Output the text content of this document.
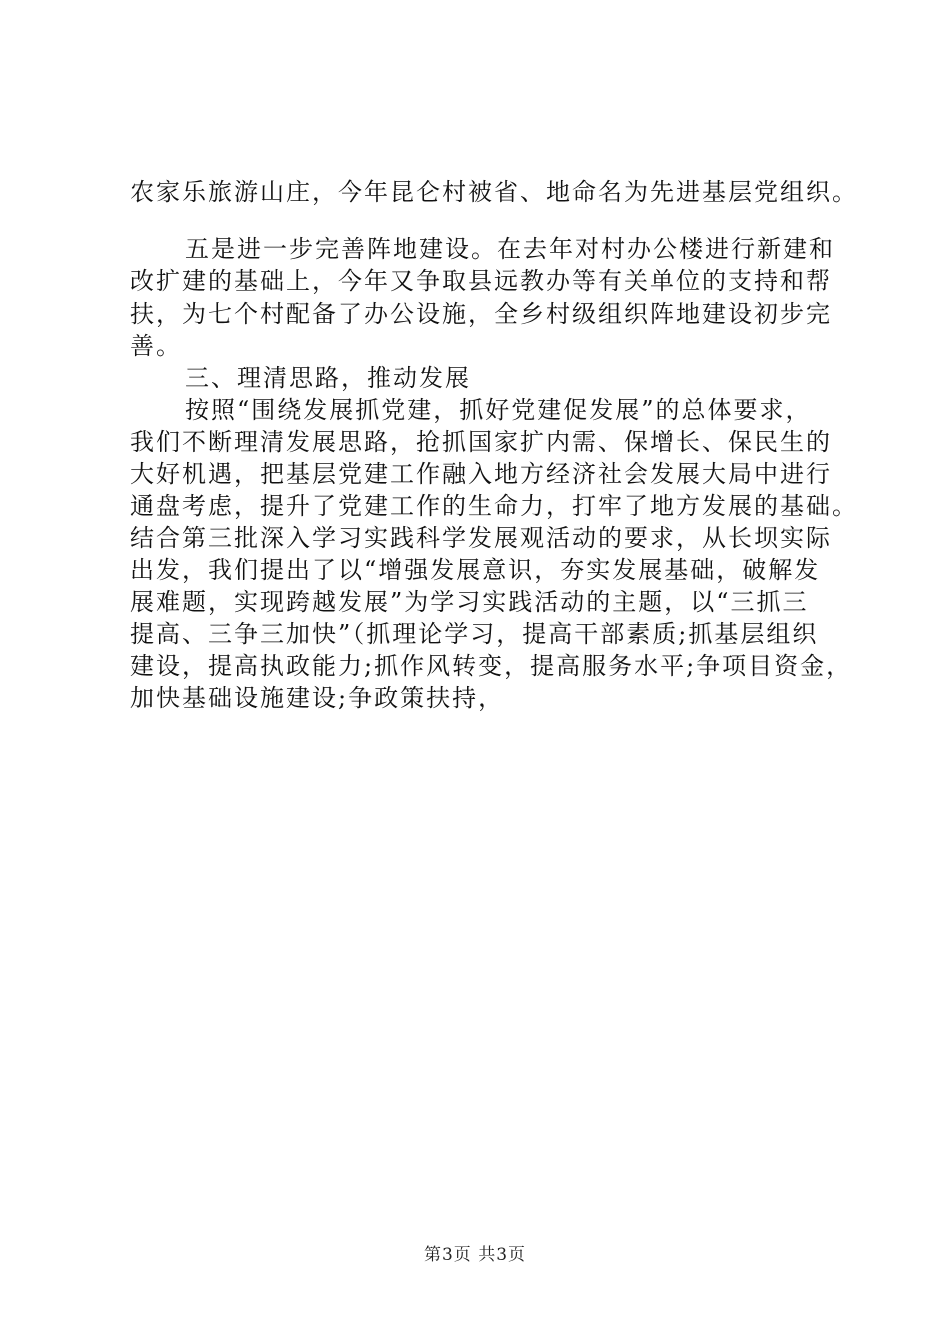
农家乐旅游山庄，今年昆仑村被省、地命名为先进基层党组织。
五是进一步完善阵地建设。在去年对村办公楼进行新建和
改扩建的基础上，今年又争取县远教办等有关单位的支持和帮
扶，为七个村配备了办公设施，全乡村级组织阵地建设初步完
善。
三、理清思路，推动发展
按照“围绕发展抓党建，抓好党建促发展”的总体要求，
我们不断理清发展思路，抢抓国家扩内需、保增长、保民生的
大好机遇，把基层党建工作融入地方经济社会发展大局中进行
通盘考虑，提升了党建工作的生命力，打牢了地方发展的基础。
结合第三批深入学习实践科学发展观活动的要求，从长坝实际
出发，我们提出了以“增强发展意识，夯实发展基础，破解发
展难题，实现跨越发展”为学习实践活动的主题，以“三抓三
提高、三争三加快”（抓理论学习，提高干部素质;抓基层组织
建设，提高执政能力;抓作风转变，提高服务水平;争项目资金，
加快基础设施建设;争政策扶持，
第3页 共3页
